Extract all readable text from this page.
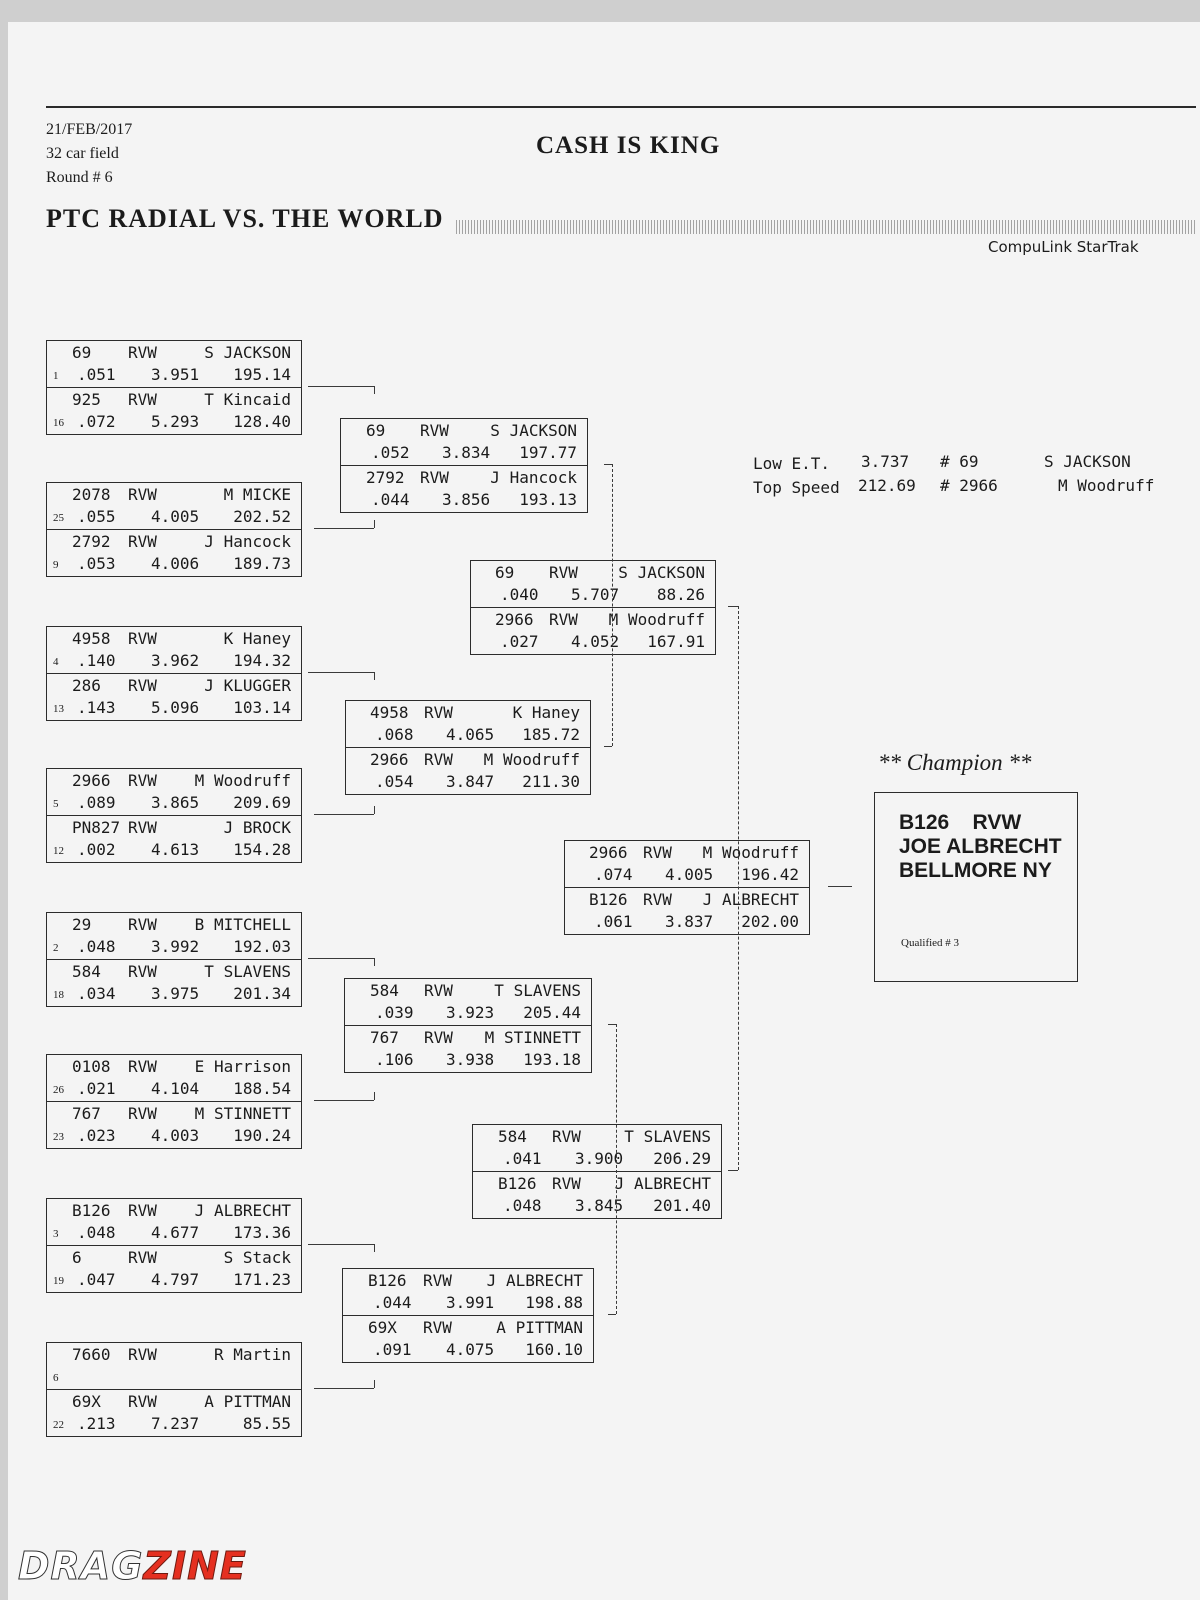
21/FEB/2017
32 car field
Round # 6
CASH IS KING
PTC RADIAL VS. THE WORLD
CompuLink StarTrak
Low E.T. 3.737 # 69	S JACKSON
Top Speed 212.69 # 2966	M Woodruff
** Champion **
B126    RVW
JOE ALBRECHT
BELLMORE NY
Qualified # 3
69 RVW	S JACKSON
.051 3.951 195.14
1
925 RVW	T Kincaid
.072 5.293 128.40
16
2078 RVW	M MICKE
.055 4.005 202.52
25
2792 RVW	J Hancock
.053 4.006 189.73
9
4958 RVW	K Haney
.140 3.962 194.32
4
286 RVW	J KLUGGER
.143 5.096 103.14
13
2966 RVW M Woodruff
.089 3.865 209.69
5
PN827 RVW	J BROCK
.002 4.613 154.28
12
29 RVW B MITCHELL
.048 3.992 192.03
2
584 RVW	T SLAVENS
.034 3.975 201.34
18
0108 RVW E Harrison
.021 4.104 188.54
26
767 RVW M STINNETT
.023 4.003 190.24
23
B126 RVW J ALBRECHT
.048 4.677 173.36
3
6	RVW	S Stack
.047 4.797 171.23
19
7660 RVW	R Martin
6
69X RVW	A PITTMAN
.213 7.237	85.55
22
69 RVW	S JACKSON
.052 3.834 197.77
2792 RVW	J Hancock
.044 3.856 193.13
4958 RVW	K Haney
.068 4.065 185.72
2966 RVW M Woodruff
.054 3.847 211.30
584 RVW	T SLAVENS
.039 3.923 205.44
767 RVW M STINNETT
.106 3.938 193.18
B126 RVW J ALBRECHT
.044 3.991 198.88
69X RVW	A PITTMAN
.091 4.075 160.10
69 RVW	S JACKSON
.040 5.707 88.26
2966 RVW M Woodruff
.027 4.052 167.91
584 RVW	T SLAVENS
.041 3.900 206.29
B126 RVW J ALBRECHT
.048 3.845 201.40
2966 RVW M Woodruff
.074 4.005 196.42
B126 RVW J ALBRECHT
.061 3.837 202.00
DRAGZINE
